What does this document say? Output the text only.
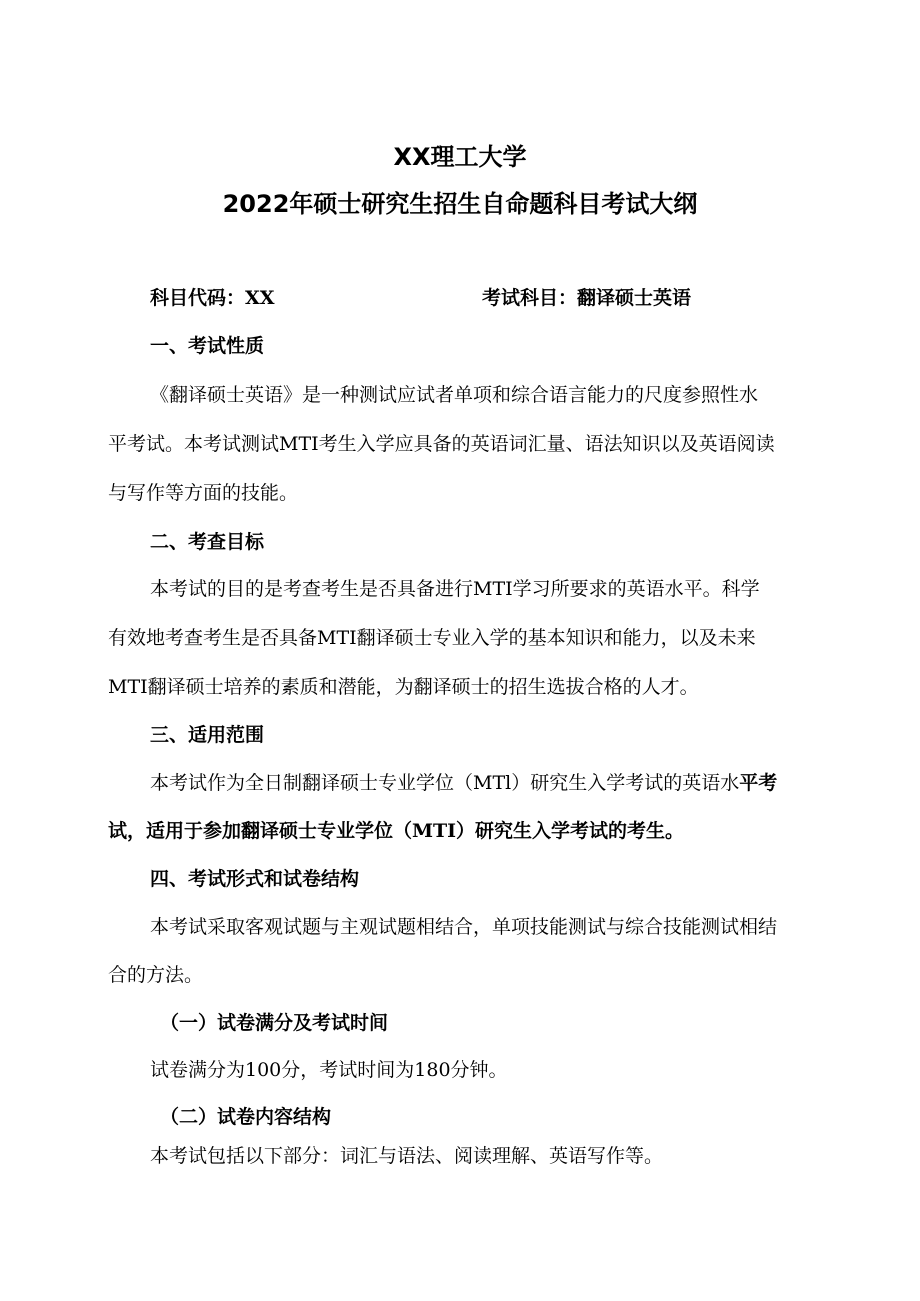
XX理工大学
2022年硕士研究生招生自命题科目考试大纲
科目代码：XX	考试科目：翻译硕士英语
一、考试性质
《翻译硕士英语》是一种测试应试者单项和综合语言能力的尺度参照性水
平考试。本考试测试MTI考生入学应具备的英语词汇量、语法知识以及英语阅读
与写作等方面的技能。
二、考查目标
本考试的目的是考查考生是否具备进行MTI学习所要求的英语水平。科学
有效地考查考生是否具备MTI翻译硕士专业入学的基本知识和能力，以及未来
MTI翻译硕士培养的素质和潜能，为翻译硕士的招生选拔合格的人才。
三、适用范围
本考试作为全日制翻译硕士专业学位（MTl）研究生入学考试的英语水平考
试，适用于参加翻译硕士专业学位（MTI）研究生入学考试的考生。
四、考试形式和试卷结构
本考试采取客观试题与主观试题相结合，单项技能测试与综合技能测试相结
合的方法。
（一）试卷满分及考试时间
试卷满分为100分，考试时间为180分钟。
（二）试卷内容结构
本考试包括以下部分：词汇与语法、阅读理解、英语写作等。
